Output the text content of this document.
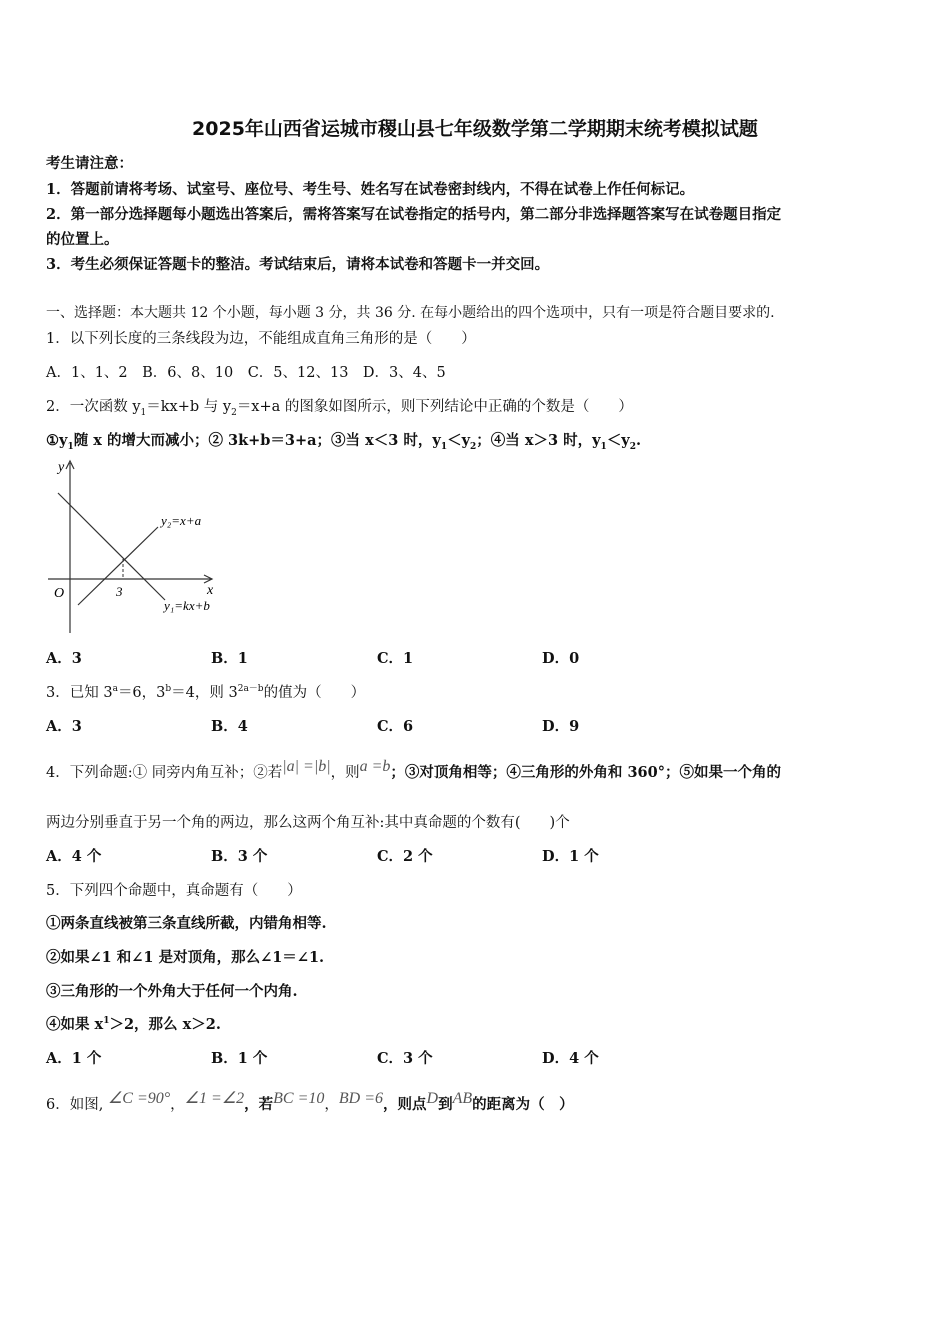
2025年山西省运城市稷山县七年级数学第二学期期末统考模拟试题
考生请注意：
1．答题前请将考场、试室号、座位号、考生号、姓名写在试卷密封线内，不得在试卷上作任何标记。
2．第一部分选择题每小题选出答案后，需将答案写在试卷指定的括号内，第二部分非选择题答案写在试卷题目指定
的位置上。
3．考生必须保证答题卡的整洁。考试结束后，请将本试卷和答题卡一并交回。
一、选择题：本大题共 12 个小题，每小题 3 分，共 36 分. 在每小题给出的四个选项中，只有一项是符合题目要求的.
1．以下列长度的三条线段为边，不能组成直角三角形的是（　　）
A．1、1、2　B．6、8、10　C．5、12、13　D．3、4、5
2．一次函数 $y_1=kx+b$ 与 $y_2=x+a$ 的图象如图所示，则下列结论中正确的个数是（　　）
$①y_1$随 x 的增大而减小；② 3k+b＝3+a；③当 x＜3 时，$y_1<y_2$；④当 x＞3 时，$y_1<y_2$.
y
x
O	3
y₂=x+a
y₁=kx+b
A．3	B．1	C．1	D．0
3．已知 $3^a=6$，$3^b=4$，则 $3^{2a-b}$的值为（　　）
A．3	B．4	C．6	D．9
4．下列命题:① 同旁内角互补；②若|a| =|b|，则a =b；③对顶角相等；④三角形的外角和 360°；⑤如果一个角的
两边分别垂直于另一个角的两边，那么这两个角互补:其中真命题的个数有(　　)个
A．4 个	B．3 个	C．2 个	D．1 个
5．下列四个命题中，真命题有（　　）
①两条直线被第三条直线所截，内错角相等.
②如果∠1 和∠1 是对顶角，那么∠1＝∠1.
③三角形的一个外角大于任何一个内角.
④如果 $x^1>2$，那么 x＞2.
A．1 个	B．1 个	C．3 个	D．4 个
6．如图, ∠C =90°，∠1 =∠2，若BC =10，BD =6，则点D到AB的距离为（　）
